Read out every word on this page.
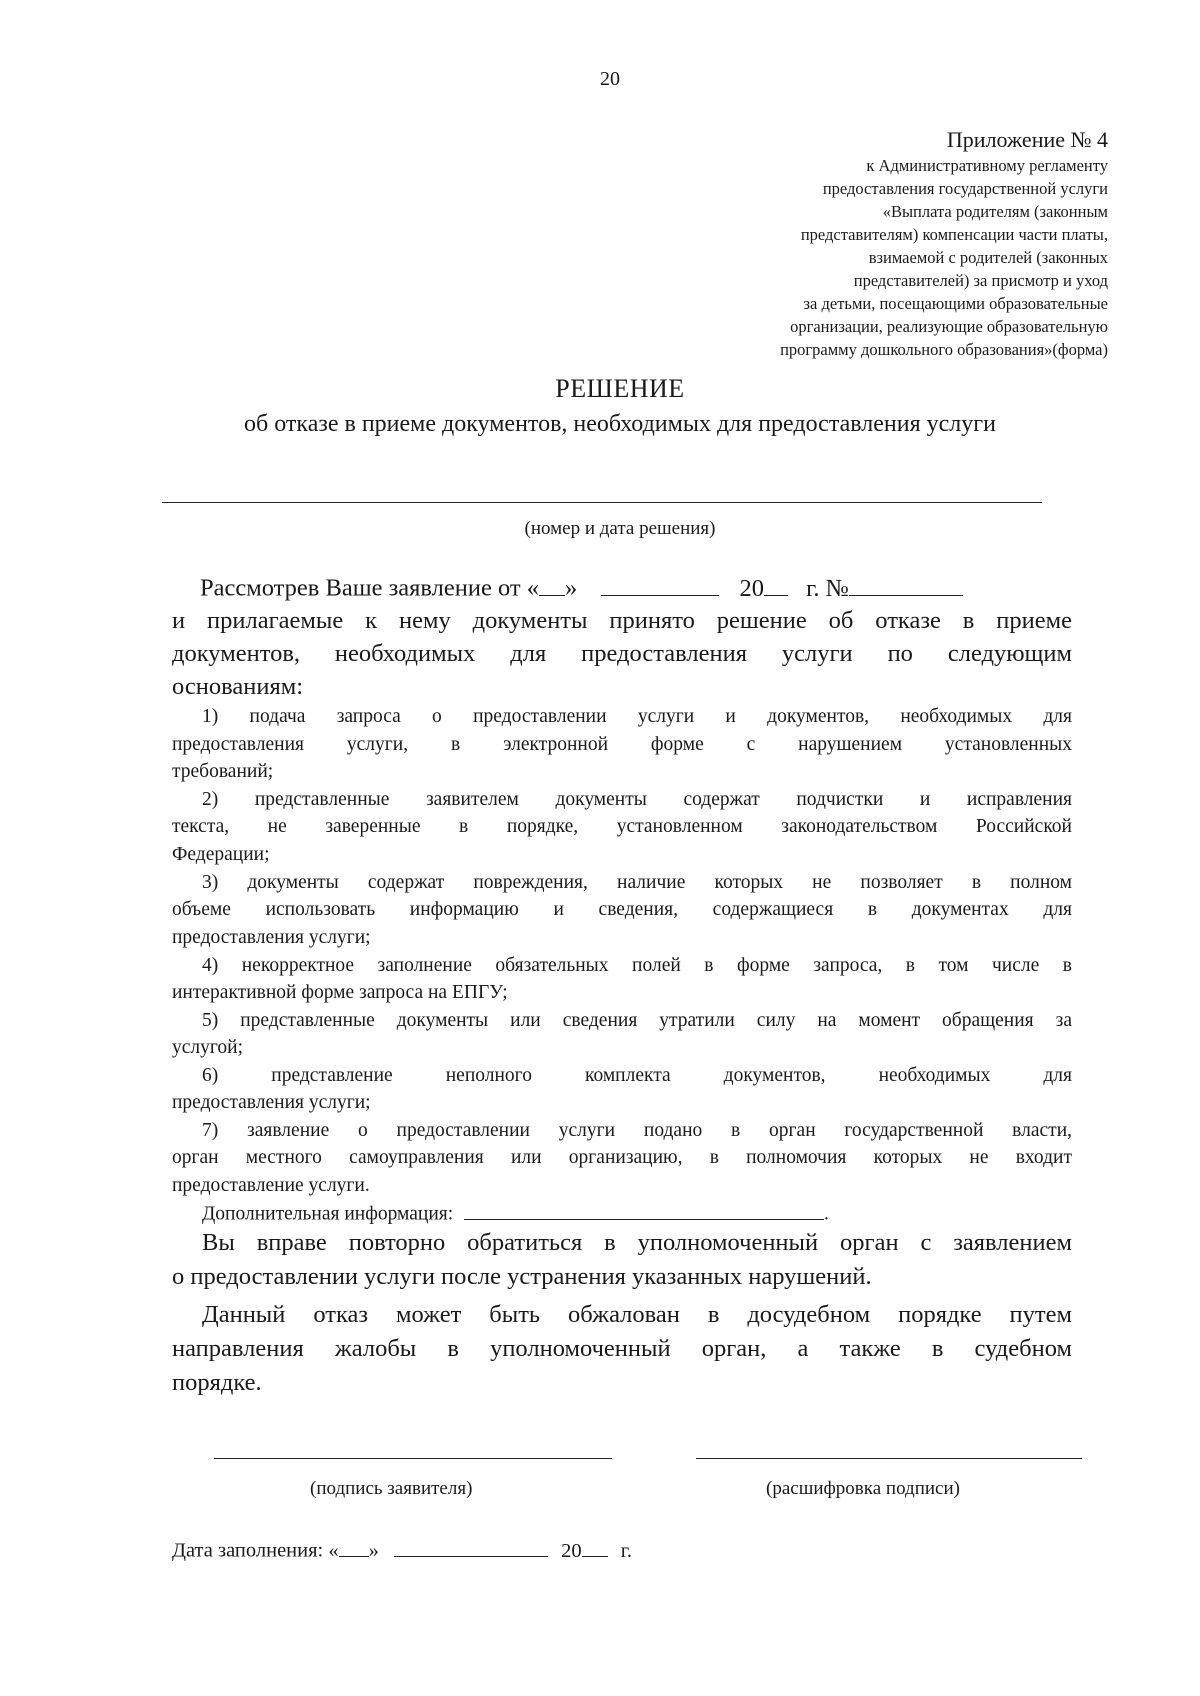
20
Приложение № 4
к Административному регламенту
предоставления государственной услуги
«Выплата родителям (законным
представителям) компенсации части платы,
взимаемой с родителей (законных
представителей) за присмотр и уход
за детьми, посещающими образовательные
организации, реализующие образовательную
программу дошкольного образования»(форма)
РЕШЕНИЕ
об отказе в приеме документов, необходимых для предоставления услуги
(номер и дата решения)
Рассмотрев Ваше заявление от « »	20 г. №
и прилагаемые к нему документы принято решение об отказе в приеме
документов, необходимых для предоставления услуги по следующим
основаниям:
1) подача запроса о предоставлении услуги и документов, необходимых для
предоставления услуги, в электронной форме с нарушением установленных
требований;
2) представленные заявителем документы содержат подчистки и исправления
текста, не заверенные в порядке, установленном законодательством Российской
Федерации;
3) документы содержат повреждения, наличие которых не позволяет в полном
объеме использовать информацию и сведения, содержащиеся в документах для
предоставления услуги;
4) некорректное заполнение обязательных полей в форме запроса, в том числе в
интерактивной форме запроса на ЕПГУ;
5) представленные документы или сведения утратили силу на момент обращения за
услугой;
6) представление неполного комплекта документов, необходимых для
предоставления услуги;
7) заявление о предоставлении услуги подано в орган государственной власти,
орган местного самоуправления или организацию, в полномочия которых не входит
предоставление услуги.
Дополнительная информация:	.
Вы вправе повторно обратиться в уполномоченный орган с заявлением
о предоставлении услуги после устранения указанных нарушений.
Данный отказ может быть обжалован в досудебном порядке путем
направления жалобы в уполномоченный орган, а также в судебном
порядке.
(подпись заявителя)	(расшифровка подписи)
Дата заполнения: « »	20 г.
